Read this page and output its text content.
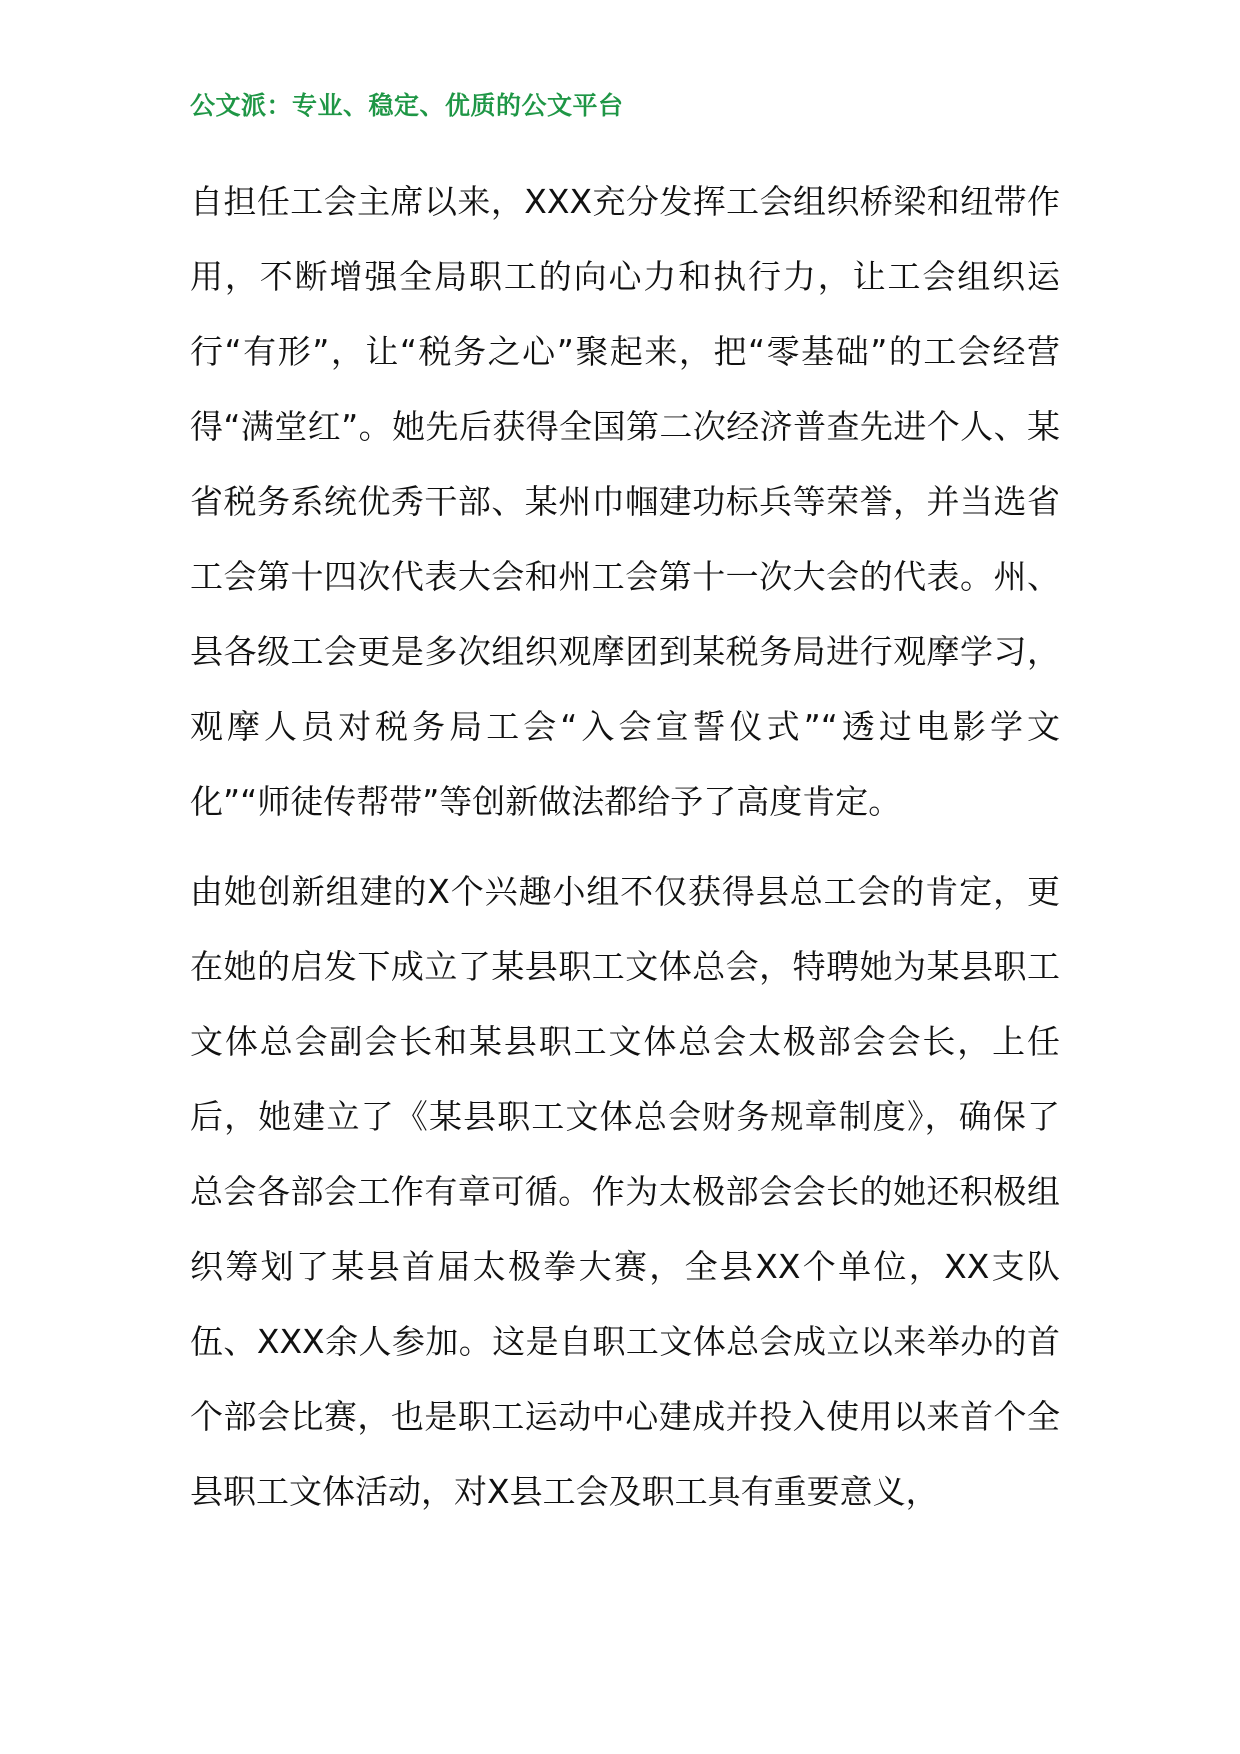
公文派：专业、稳定、优质的公文平台

自担任工会主席以来，XXX充分发挥工会组织桥梁和纽带作用，不断增强全局职工的向心力和执行力，让工会组织运行“有形”，让“税务之心”聚起来，把“零基础”的工会经营得“满堂红”。她先后获得全国第二次经济普查先进个人、某省税务系统优秀干部、某州巾帼建功标兵等荣誉，并当选省工会第十四次代表大会和州工会第十一次大会的代表。州、县各级工会更是多次组织观摩团到某税务局进行观摩学习，观摩人员对税务局工会“入会宣誓仪式”“透过电影学文化”“师徒传帮带”等创新做法都给予了高度肯定。

由她创新组建的X个兴趣小组不仅获得县总工会的肯定，更在她的启发下成立了某县职工文体总会，特聘她为某县职工文体总会副会长和某县职工文体总会太极部会会长，上任后，她建立了《某县职工文体总会财务规章制度》，确保了总会各部会工作有章可循。作为太极部会会长的她还积极组织筹划了某县首届太极拳大赛，全县XX个单位，XX支队伍、XXX余人参加。这是自职工文体总会成立以来举办的首个部会比赛，也是职工运动中心建成并投入使用以来首个全县职工文体活动，对X县工会及职工具有重要意义，
